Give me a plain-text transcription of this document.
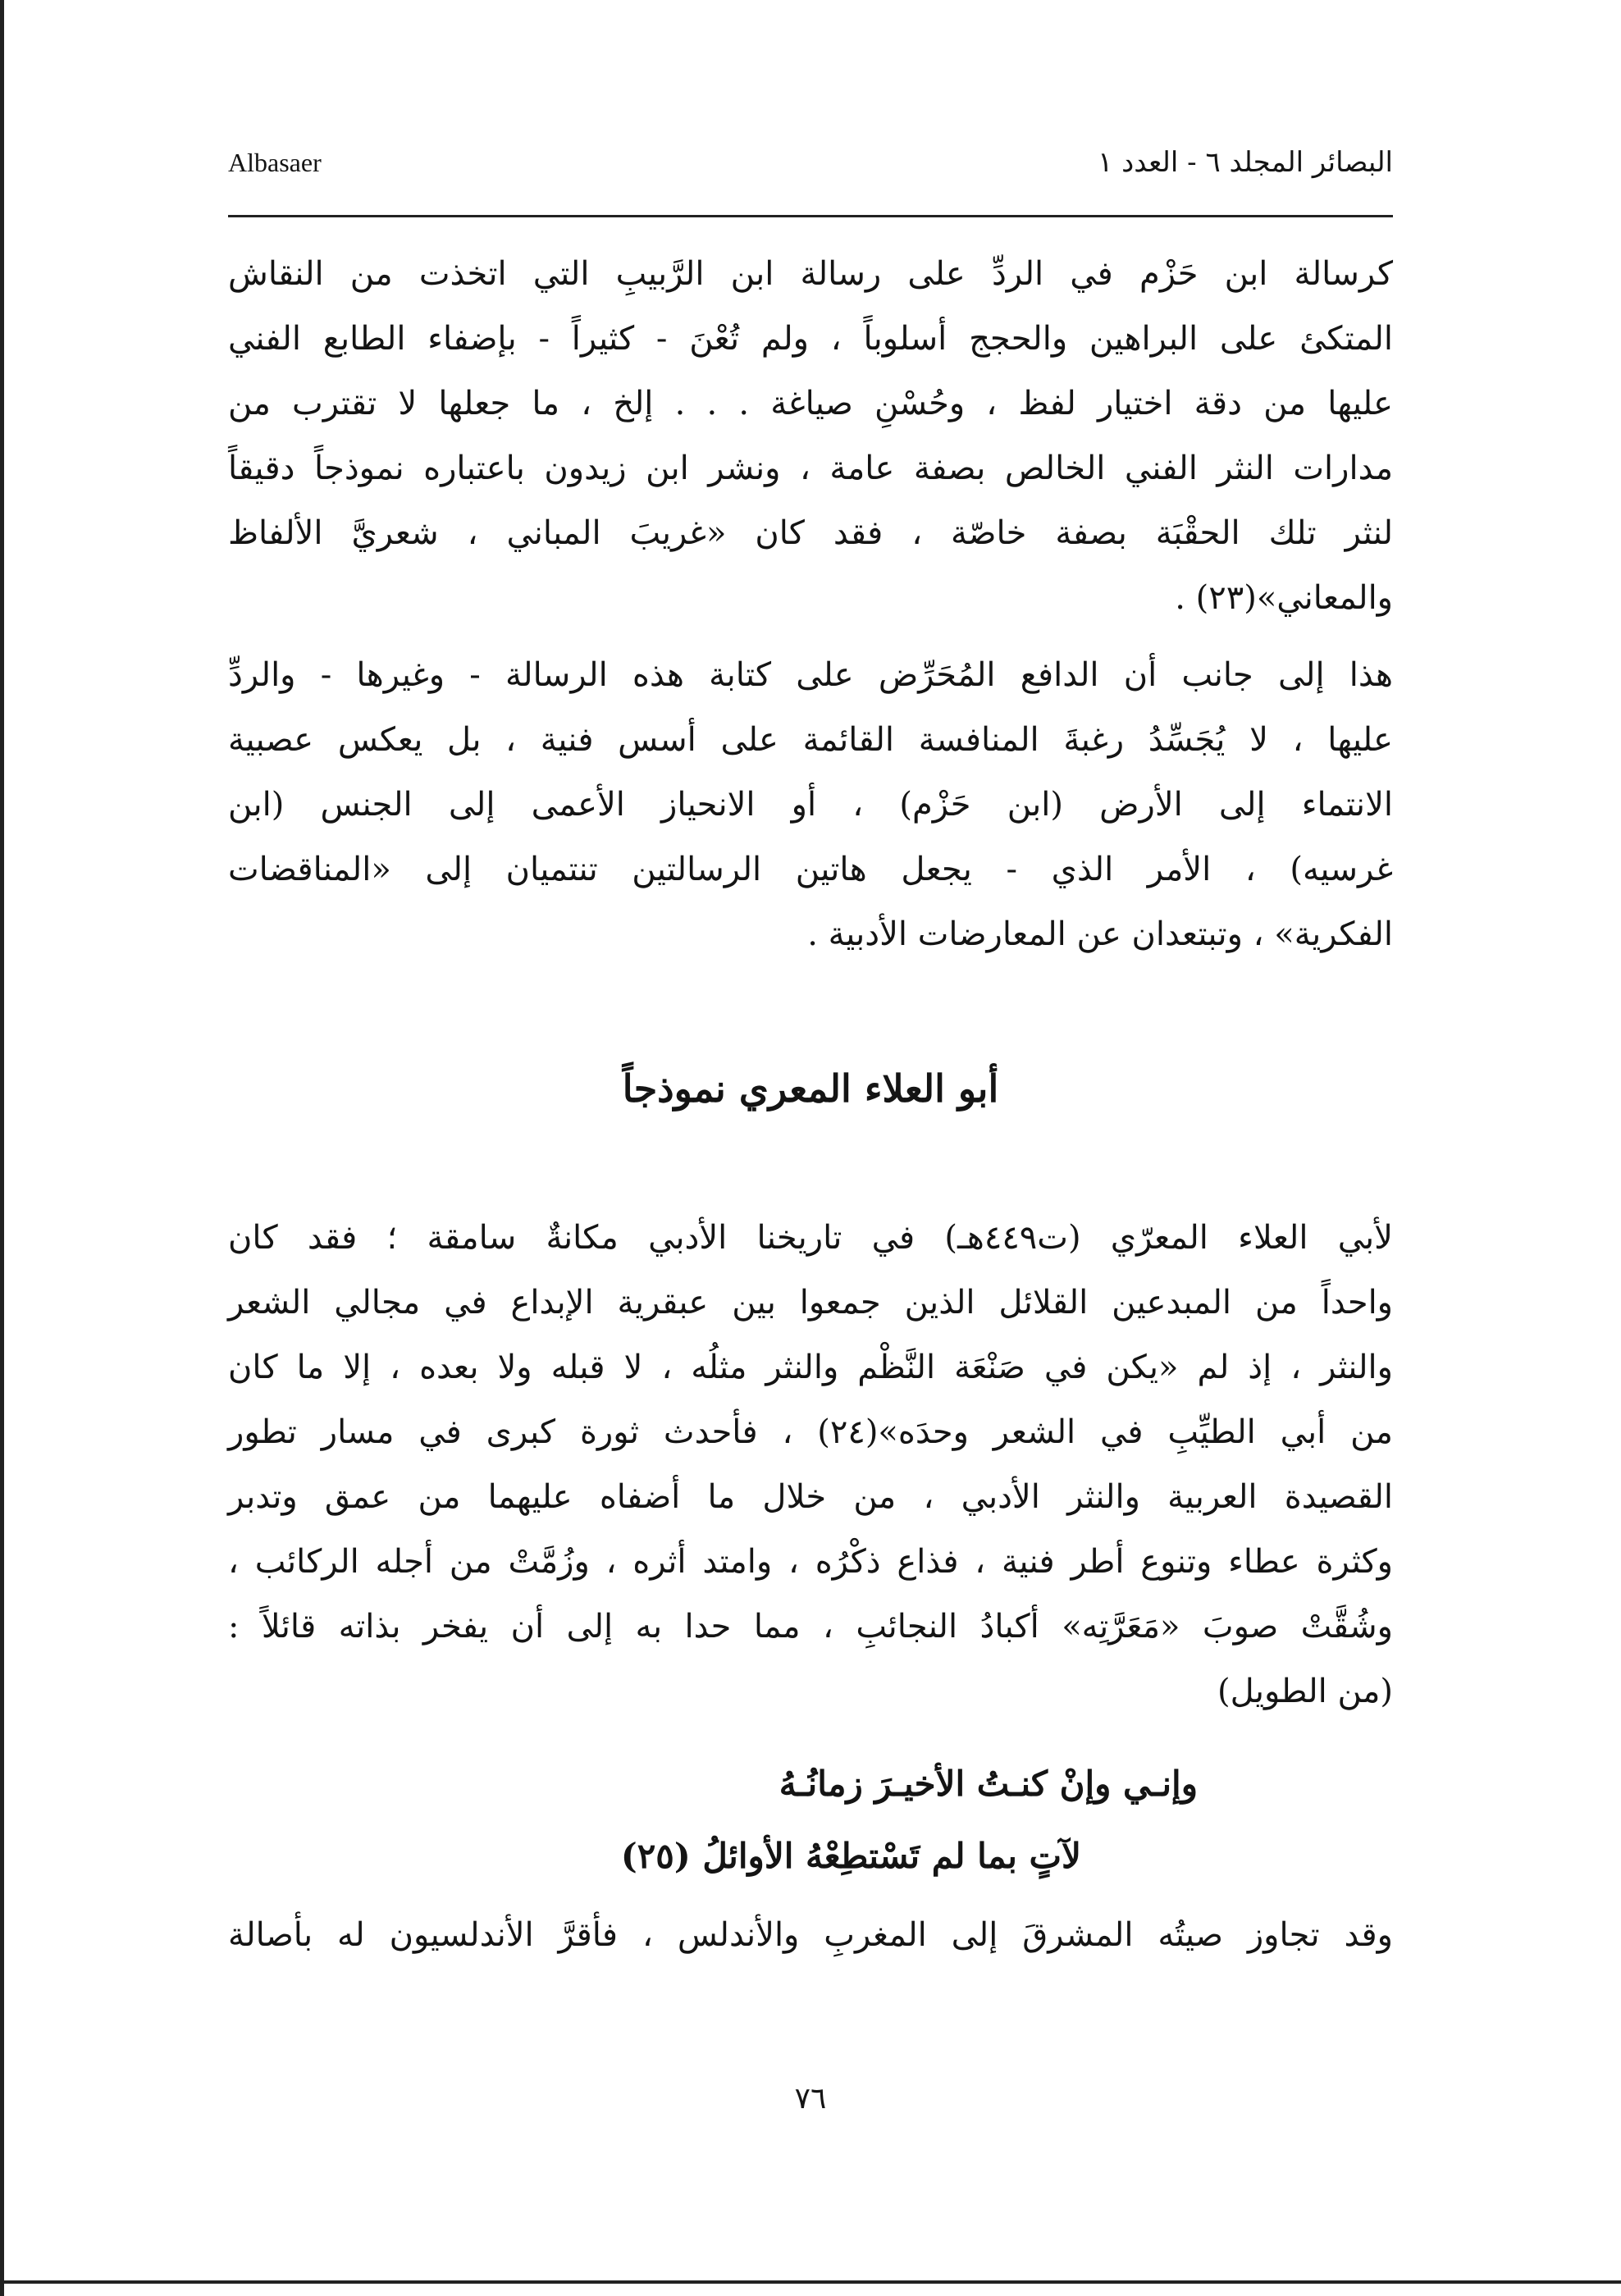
البصائر المجلد ٦ - العدد ١
Albasaer
كرسالة ابن حَزْم في الردِّ على رسالة ابن الرَّبيبِ التي اتخذت من النقاش
المتكئ على البراهين والحجج أسلوباً ، ولم تُعْنَ - كثيراً - بإضفاء الطابع الفني
عليها من دقة اختيار لفظ ، وحُسْنِ صياغة . . . إلخ ، ما جعلها لا تقترب من
مدارات النثر الفني الخالص بصفة عامة ، ونشر ابن زيدون باعتباره نموذجاً دقيقاً
لنثر تلك الحقْبَة بصفة خاصّة ، فقد كان «غريبَ المباني ، شعريَّ الألفاظ
والمعاني»(٢٣) .
هذا إلى جانب أن الدافع المُحَرِّض على كتابة هذه الرسالة - وغيرها - والردِّ
عليها ، لا يُجَسِّدُ رغبةَ المنافسة القائمة على أسس فنية ، بل يعكس عصبية
الانتماء إلى الأرض (ابن حَزْم) ، أو الانحياز الأعمى إلى الجنس (ابن
غرسيه) ، الأمر الذي - يجعل هاتين الرسالتين تنتميان إلى «المناقضات
الفكرية» ، وتبتعدان عن المعارضات الأدبية .
أبو العلاء المعري نموذجاً
لأبي العلاء المعرّي (ت٤٤٩هـ) في تاريخنا الأدبي مكانةٌ سامقة ؛ فقد كان
واحداً من المبدعين القلائل الذين جمعوا بين عبقرية الإبداع في مجالي الشعر
والنثر ، إذ لم «يكن في صَنْعَة النَّظْم والنثر مثلُه ، لا قبله ولا بعده ، إلا ما كان
من أبي الطيِّبِ في الشعر وحدَه»(٢٤) ، فأحدث ثورة كبرى في مسار تطور
القصيدة العربية والنثر الأدبي ، من خلال ما أضفاه عليهما من عمق وتدبر
وكثرة عطاء وتنوع أطر فنية ، فذاع ذكْرُه ، وامتد أثره ، وزُمَّتْ من أجله الركائب ،
وشُقَّتْ صوبَ «مَعَرَّتِه» أكبادُ النجائبِ ، مما حدا به إلى أن يفخر بذاته قائلاً :
(من الطويل)
وإنـي وإنْ كنـتُ الأخيـرَ زمانُـهُ
لآتٍ بما لم تَسْتطِعْهُ الأوائلُ (٢٥)
وقد تجاوز صيتُه المشرقَ إلى المغربِ والأندلس ، فأقرَّ الأندلسيون له بأصالة
٧٦
